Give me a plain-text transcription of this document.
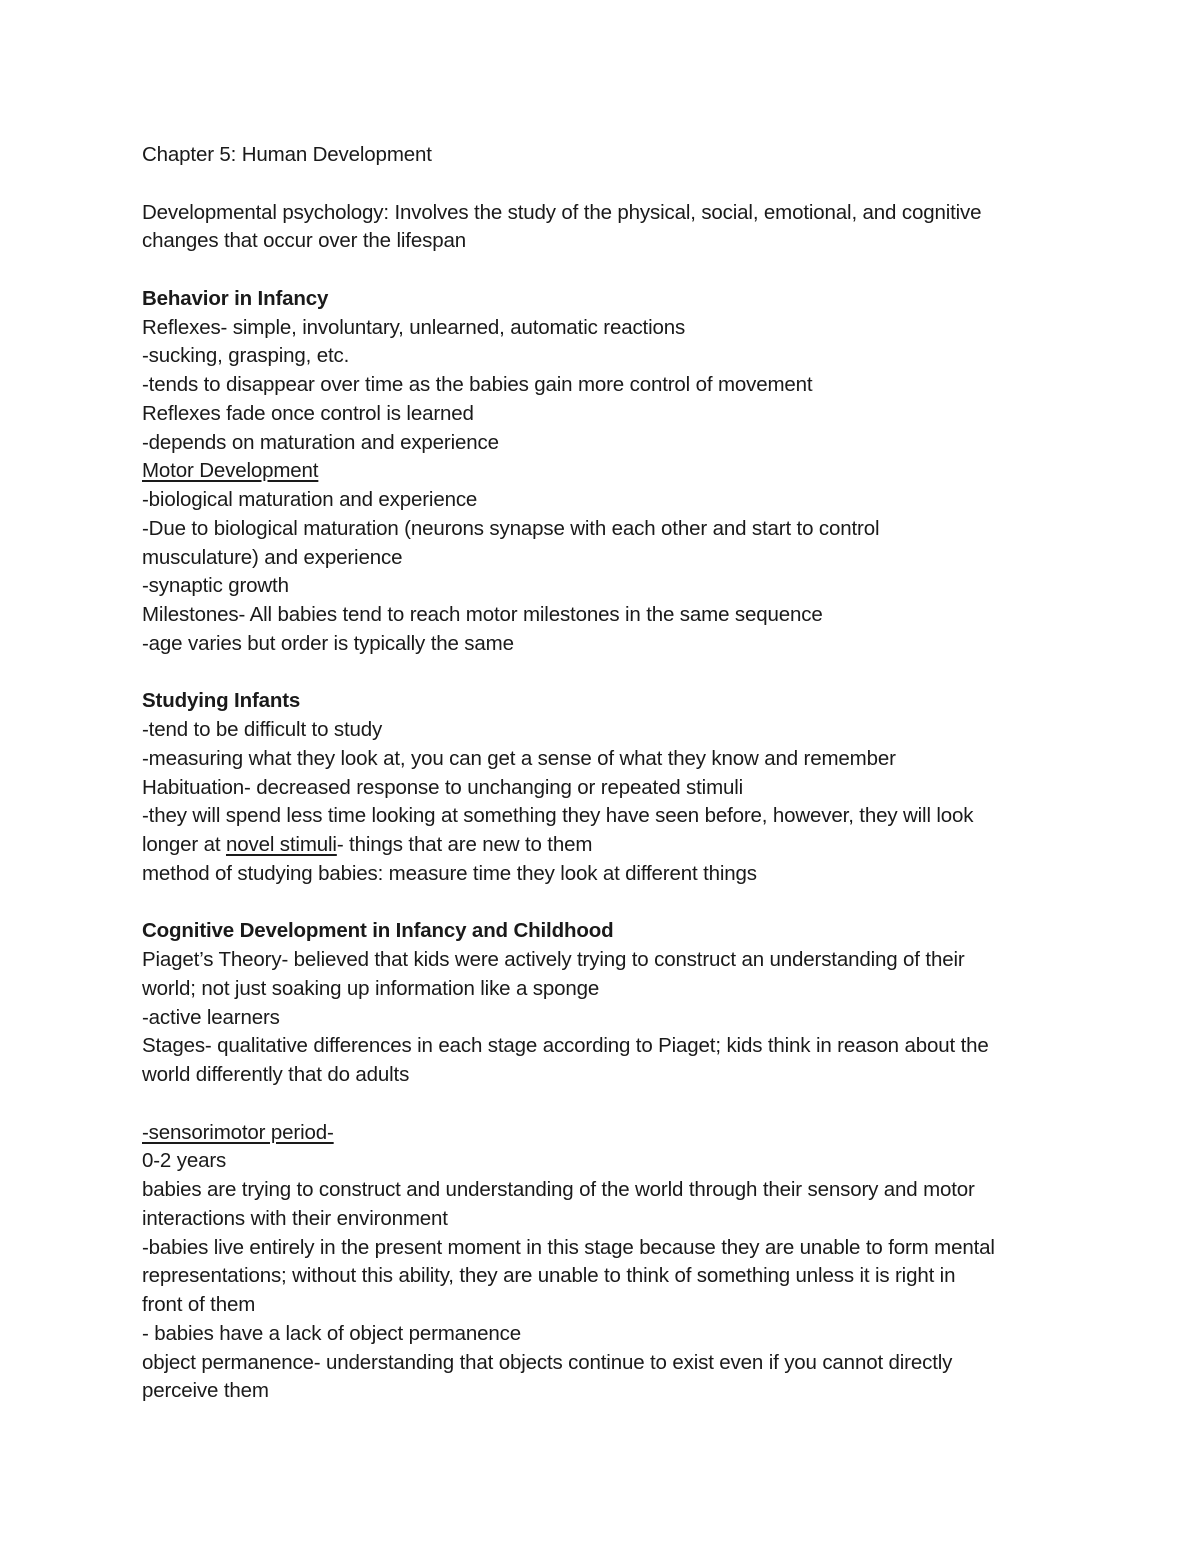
Chapter 5: Human Development
Developmental psychology: Involves the study of the physical, social, emotional, and cognitive
changes that occur over the lifespan
Behavior in Infancy
Reflexes- simple, involuntary, unlearned, automatic reactions
-sucking, grasping, etc.
-tends to disappear over time as the babies gain more control of movement
Reflexes fade once control is learned
-depends on maturation and experience
Motor Development
-biological maturation and experience
-Due to biological maturation (neurons synapse with each other and start to control
musculature) and experience
-synaptic growth
Milestones- All babies tend to reach motor milestones in the same sequence
-age varies but order is typically the same
Studying Infants
-tend to be difficult to study
-measuring what they look at, you can get a sense of what they know and remember
Habituation- decreased response to unchanging or repeated stimuli
-they will spend less time looking at something they have seen before, however, they will look
longer at novel stimuli- things that are new to them
method of studying babies: measure time they look at different things
Cognitive Development in Infancy and Childhood
Piaget’s Theory- believed that kids were actively trying to construct an understanding of their
world; not just soaking up information like a sponge
-active learners
Stages- qualitative differences in each stage according to Piaget; kids think in reason about the
world differently that do adults
-sensorimotor period-
0-2 years
babies are trying to construct and understanding of the world through their sensory and motor
interactions with their environment
-babies live entirely in the present moment in this stage because they are unable to form mental
representations; without this ability, they are unable to think of something unless it is right in
front of them
- babies have a lack of object permanence
object permanence- understanding that objects continue to exist even if you cannot directly
perceive them
